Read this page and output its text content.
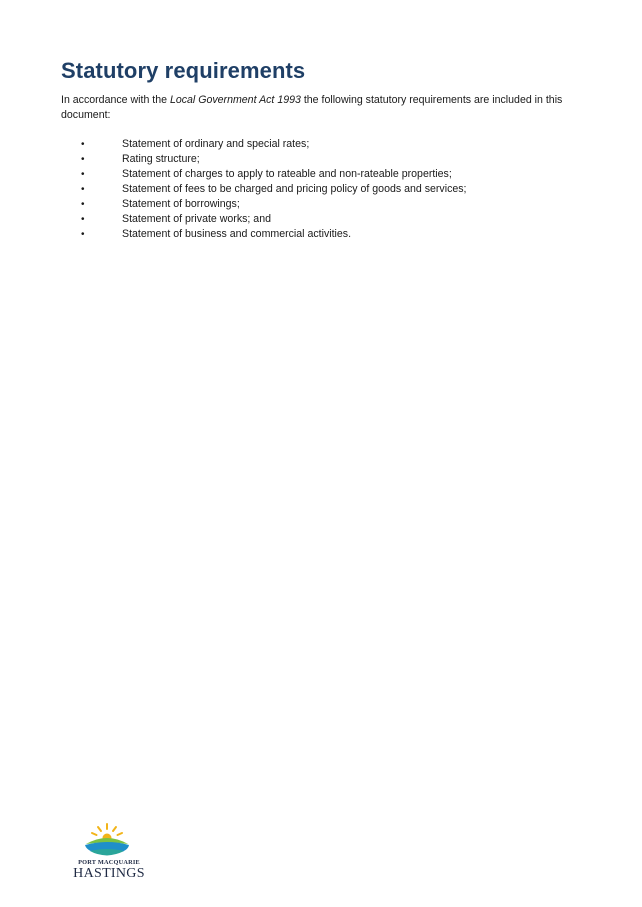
Statutory requirements

In accordance with the Local Government Act 1993 the following statutory requirements are included in this document:

•	Statement of ordinary and special rates;
•	Rating structure;
•	Statement of charges to apply to rateable and non-rateable properties;
•	Statement of fees to be charged and pricing policy of goods and services;
•	Statement of borrowings;
•	Statement of private works; and
•	Statement of business and commercial activities.
PORT MACQUARIE
HASTINGS
